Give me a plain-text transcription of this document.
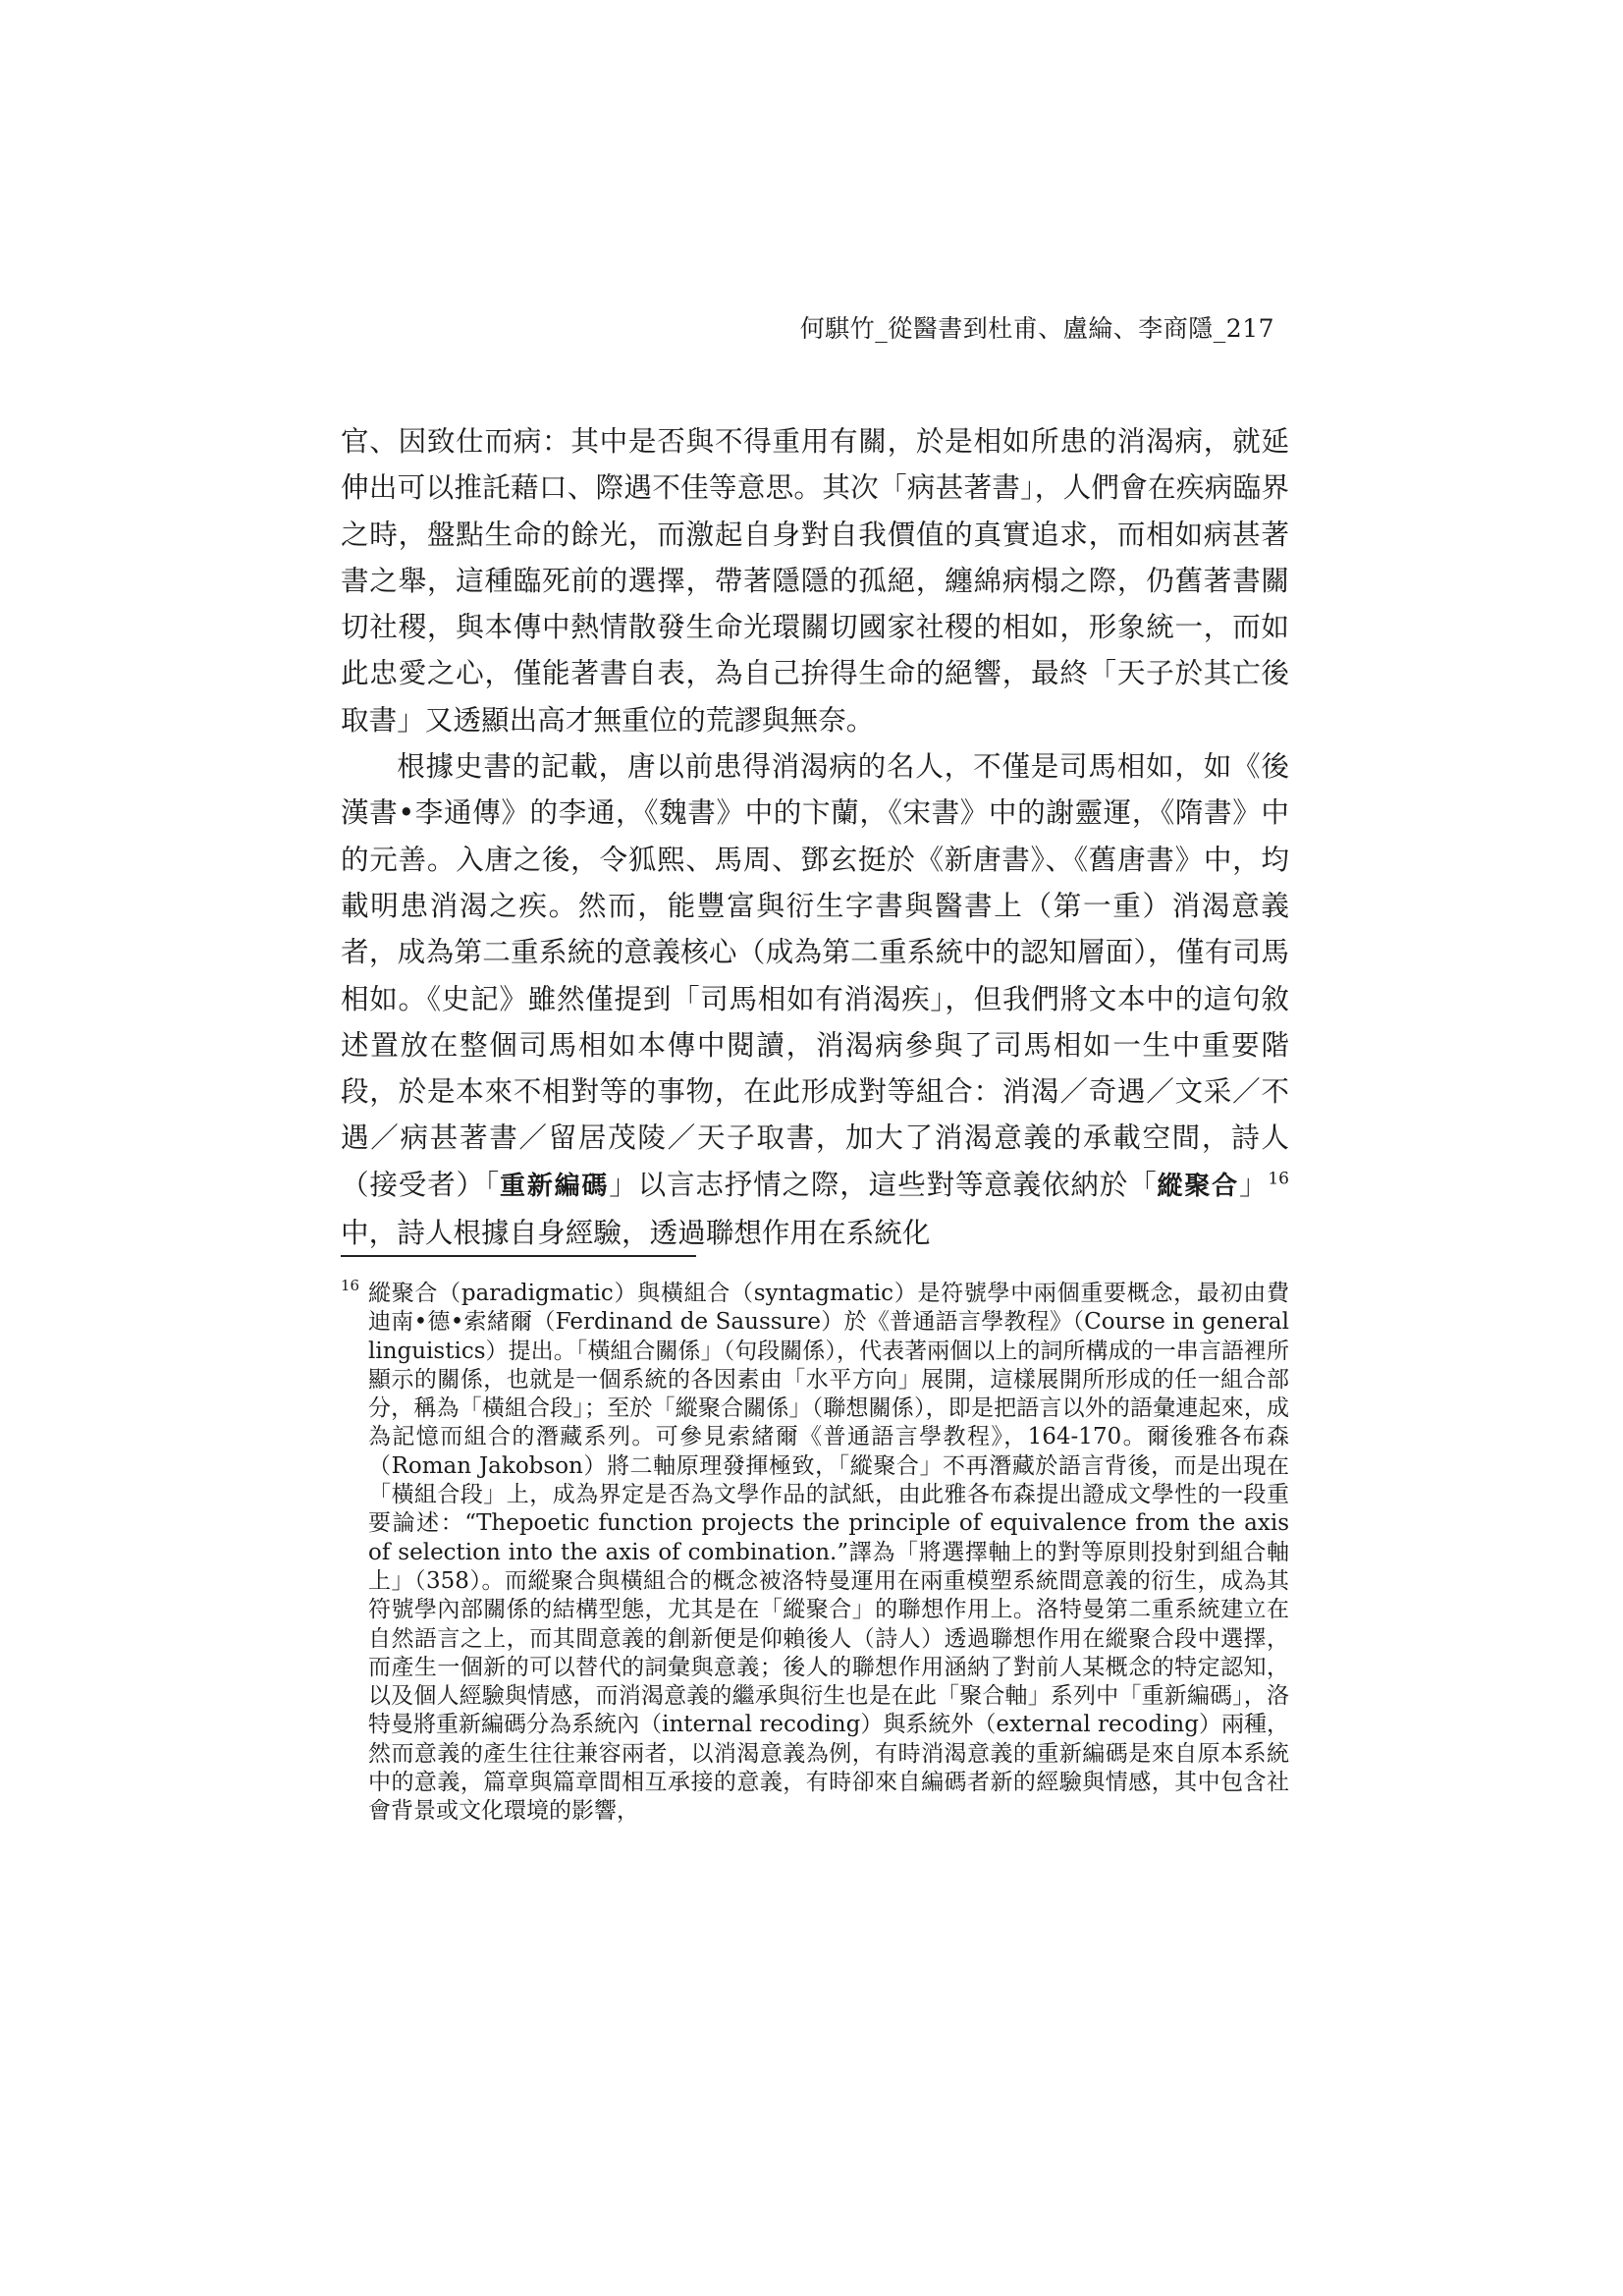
何騏竹_從醫書到杜甫、盧綸、李商隱_217

官、因致仕而病：其中是否與不得重用有關，於是相如所患的消渴病，就延伸出可以推託藉口、際遇不佳等意思。其次「病甚著書」，人們會在疾病臨界之時，盤點生命的餘光，而激起自身對自我價值的真實追求，而相如病甚著書之舉，這種臨死前的選擇，帶著隱隱的孤絕，纏綿病榻之際，仍舊著書關切社稷，與本傳中熱情散發生命光環關切國家社稷的相如，形象統一，而如此忠愛之心，僅能著書自表，為自己拚得生命的絕響，最終「天子於其亡後取書」又透顯出高才無重位的荒謬與無奈。

根據史書的記載，唐以前患得消渴病的名人，不僅是司馬相如，如《後漢書•李通傳》的李通，《魏書》中的卞蘭，《宋書》中的謝靈運，《隋書》中的元善。入唐之後，令狐熙、馬周、鄧玄挺於《新唐書》、《舊唐書》中，均載明患消渴之疾。然而，能豐富與衍生字書與醫書上（第一重）消渴意義者，成為第二重系統的意義核心（成為第二重系統中的認知層面），僅有司馬相如。《史記》雖然僅提到「司馬相如有消渴疾」，但我們將文本中的這句敘述置放在整個司馬相如本傳中閱讀，消渴病參與了司馬相如一生中重要階段，於是本來不相對等的事物，在此形成對等組合：消渴／奇遇／文采／不遇／病甚著書／留居茂陵／天子取書，加大了消渴意義的承載空間，詩人（接受者）「重新編碼」以言志抒情之際，這些對等意義依納於「縱聚合」$^{16}$中，詩人根據自身經驗，透過聯想作用在系統化

16 縱聚合（paradigmatic）與橫組合（syntagmatic）是符號學中兩個重要概念，最初由費迪南•德•索緒爾（Ferdinand de Saussure）於《普通語言學教程》（Course in general linguistics）提出。「橫組合關係」（句段關係），代表著兩個以上的詞所構成的一串言語裡所顯示的關係，也就是一個系統的各因素由「水平方向」展開，這樣展開所形成的任一組合部分，稱為「橫組合段」；至於「縱聚合關係」（聯想關係），即是把語言以外的語彙連起來，成為記憶而組合的潛藏系列。可參見索緒爾《普通語言學教程》，164-170。爾後雅各布森（Roman Jakobson）將二軸原理發揮極致，「縱聚合」不再潛藏於語言背後，而是出現在「橫組合段」上，成為界定是否為文學作品的試紙，由此雅各布森提出證成文學性的一段重要論述：“Thepoetic function projects the principle of equivalence from the axis of selection into the axis of combination.”譯為「將選擇軸上的對等原則投射到組合軸上」（358）。而縱聚合與橫組合的概念被洛特曼運用在兩重模塑系統間意義的衍生，成為其符號學內部關係的結構型態，尤其是在「縱聚合」的聯想作用上。洛特曼第二重系統建立在自然語言之上，而其間意義的創新便是仰賴後人（詩人）透過聯想作用在縱聚合段中選擇，而產生一個新的可以替代的詞彙與意義；後人的聯想作用涵納了對前人某概念的特定認知，以及個人經驗與情感，而消渴意義的繼承與衍生也是在此「聚合軸」系列中「重新編碼」，洛特曼將重新編碼分為系統內（internal recoding）與系統外（external recoding）兩種，然而意義的產生往往兼容兩者，以消渴意義為例，有時消渴意義的重新編碼是來自原本系統中的意義，篇章與篇章間相互承接的意義，有時卻來自編碼者新的經驗與情感，其中包含社會背景或文化環境的影響，
